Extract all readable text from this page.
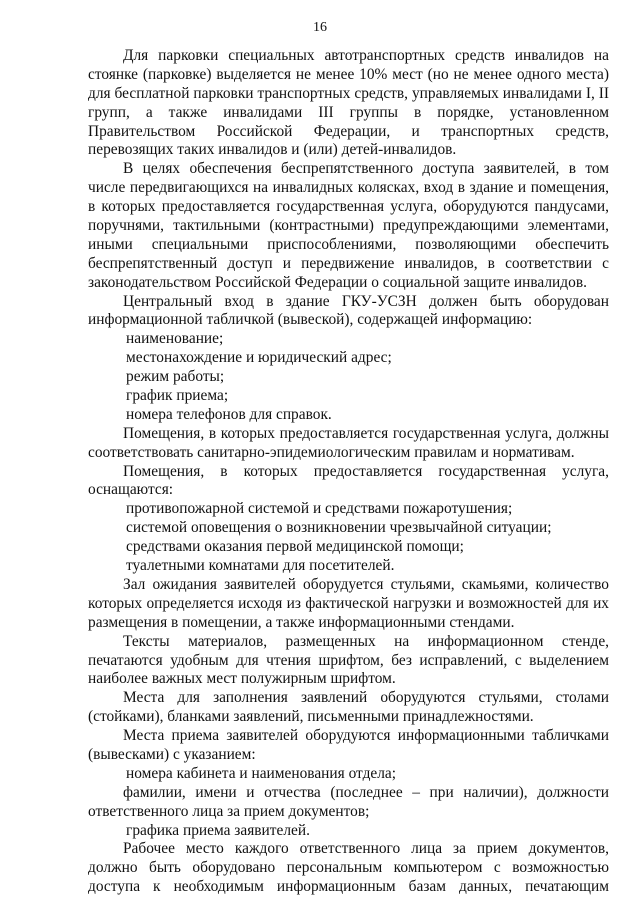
16
Для парковки специальных автотранспортных средств инвалидов на
стоянке (парковке) выделяется не менее 10% мест (но не менее одного места)
для бесплатной парковки транспортных средств, управляемых инвалидами I, II
групп, а также инвалидами III группы в порядке, установленном
Правительством Российской Федерации, и транспортных средств,
перевозящих таких инвалидов и (или) детей-инвалидов.
В целях обеспечения беспрепятственного доступа заявителей, в том
числе передвигающихся на инвалидных колясках, вход в здание и помещения,
в которых предоставляется государственная услуга, оборудуются пандусами,
поручнями, тактильными (контрастными) предупреждающими элементами,
иными специальными приспособлениями, позволяющими обеспечить
беспрепятственный доступ и передвижение инвалидов, в соответствии с
законодательством Российской Федерации о социальной защите инвалидов.
Центральный вход в здание ГКУ-УСЗН должен быть оборудован
информационной табличкой (вывеской), содержащей информацию:
наименование;
местонахождение и юридический адрес;
режим работы;
график приема;
номера телефонов для справок.
Помещения, в которых предоставляется государственная услуга, должны
соответствовать санитарно-эпидемиологическим правилам и нормативам.
Помещения, в которых предоставляется государственная услуга,
оснащаются:
противопожарной системой и средствами пожаротушения;
системой оповещения о возникновении чрезвычайной ситуации;
средствами оказания первой медицинской помощи;
туалетными комнатами для посетителей.
Зал ожидания заявителей оборудуется стульями, скамьями, количество
которых определяется исходя из фактической нагрузки и возможностей для их
размещения в помещении, а также информационными стендами.
Тексты материалов, размещенных на информационном стенде,
печатаются удобным для чтения шрифтом, без исправлений, с выделением
наиболее важных мест полужирным шрифтом.
Места для заполнения заявлений оборудуются стульями, столами
(стойками), бланками заявлений, письменными принадлежностями.
Места приема заявителей оборудуются информационными табличками
(вывесками) с указанием:
номера кабинета и наименования отдела;
фамилии, имени и отчества (последнее – при наличии), должности
ответственного лица за прием документов;
графика приема заявителей.
Рабочее место каждого ответственного лица за прием документов,
должно быть оборудовано персональным компьютером с возможностью
доступа к необходимым информационным базам данных, печатающим
